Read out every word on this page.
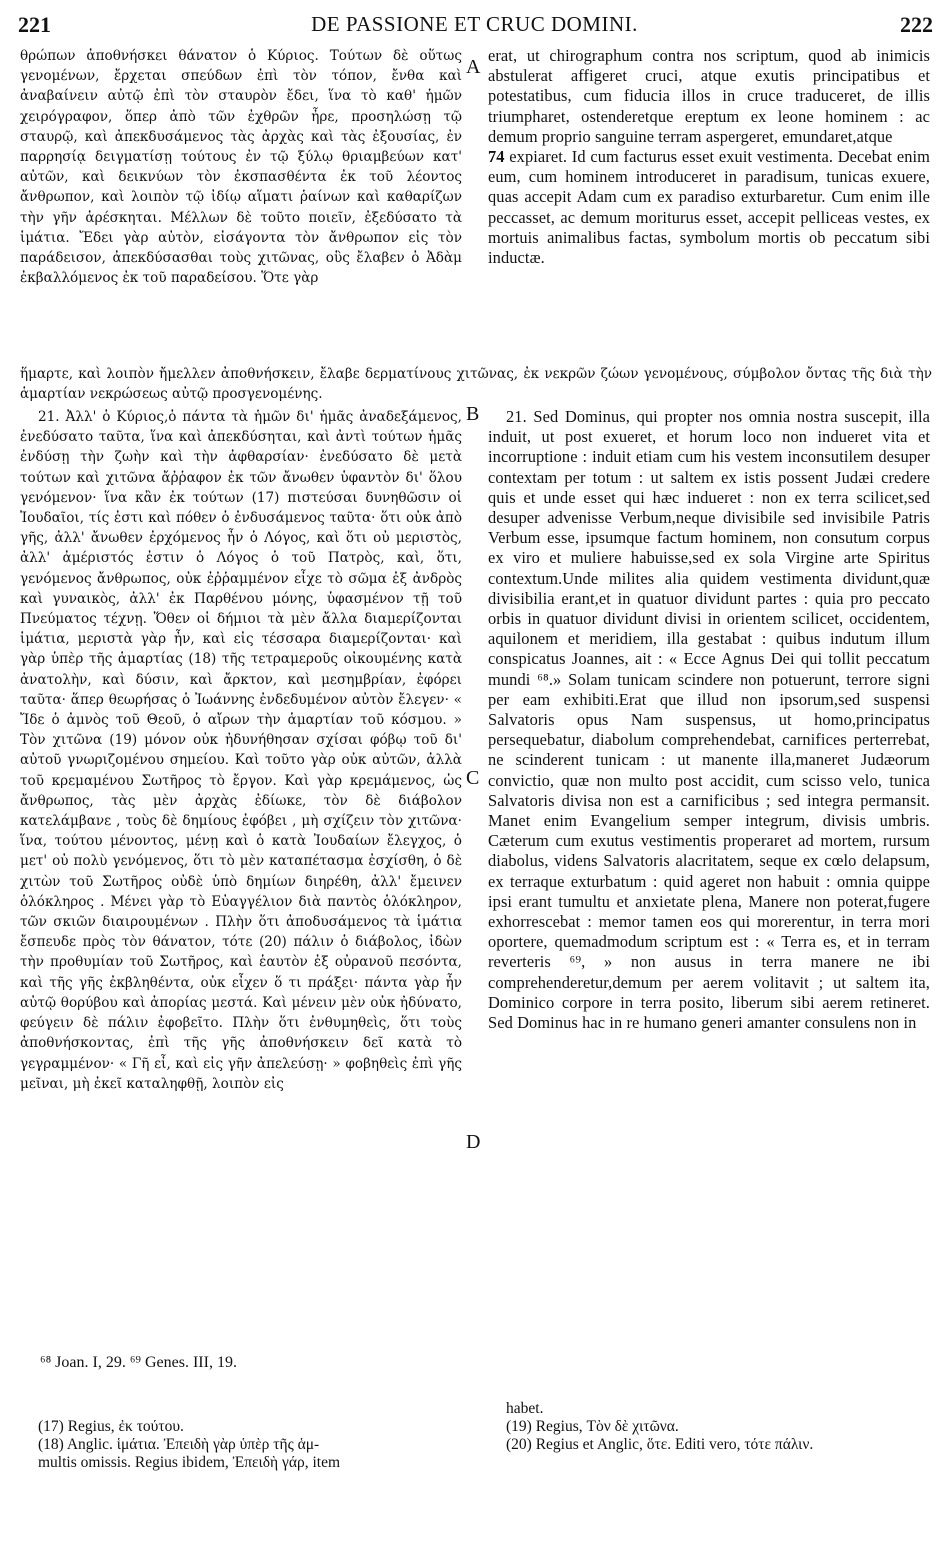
221	DE PASSIONE ET CRUC DOMINI.	222
A
B
C
D

θρώπων ἀποθνήσκει θάνατον ὁ Κύριος. Τούτων δὲ οὕτως γενομένων, ἔρχεται σπεύδων ἐπὶ τὸν τόπον, ἔνθα καὶ ἀναβαίνειν αὐτῷ ἐπὶ τὸν σταυρὸν ἔδει, ἵνα τὸ καθ' ἡμῶν χειρόγραφον, ὅπερ ἀπὸ τῶν ἐχθρῶν ἦρε, προσηλώσῃ τῷ σταυρῷ, καὶ ἀπεκδυσάμενος τὰς ἀρχὰς καὶ τὰς ἐξουσίας, ἐν παρρησίᾳ δειγματίσῃ τούτους ἐν τῷ ξύλῳ θριαμβεύων κατ' αὐτῶν, καὶ δεικνύων τὸν ἐκσπασθέντα ἐκ τοῦ λέοντος ἄνθρωπον, καὶ λοιπὸν τῷ ἰδίῳ αἵματι ῥαίνων καὶ καθαρίζων τὴν γῆν ἀρέσκηται. Μέλλων δὲ τοῦτο ποιεῖν, ἐξεδύσατο τὰ ἱμάτια. Ἔδει γὰρ αὐτὸν, εἰσάγοντα τὸν ἄνθρωπον εἰς τὸν παράδεισον, ἀπεκδύσασθαι τοὺς χιτῶνας, οὓς ἔλαβεν ὁ Ἀδὰμ ἐκβαλλόμενος ἐκ τοῦ παραδείσου. Ὅτε γὰρ

erat, ut chirographum contra nos scriptum, quod ab inimicis abstulerat affigeret cruci, atque exutis principatibus et potestatibus, cum fiducia illos in cruce traduceret, de illis triumpharet, ostenderetque ereptum ex leone hominem : ac demum proprio sanguine terram aspergeret, emundaret,atque
74 expiaret. Id cum facturus esset exuit vestimenta. Decebat enim eum, cum hominem introduceret in paradisum, tunicas exuere, quas accepit Adam cum ex paradiso exturbaretur. Cum enim ille peccasset, ac demum moriturus esset, accepit pelliceas vestes, ex mortuis animalibus factas, symbolum mortis ob peccatum sibi inductæ.

ἥμαρτε, καὶ λοιπὸν ἤμελλεν ἀποθνήσκειν, ἔλαβε δερματίνους χιτῶνας, ἐκ νεκρῶν ζώων γενομένους, σύμβολον ὄντας τῆς διὰ τὴν ἁμαρτίαν νεκρώσεως αὐτῷ προσγενομένης.

21. Ἀλλ' ὁ Κύριος,ὁ πάντα τὰ ἡμῶν δι' ἡμᾶς ἀναδεξάμενος, ἐνεδύσατο ταῦτα, ἵνα καὶ ἀπεκδύσηται, καὶ ἀντὶ τούτων ἡμᾶς ἐνδύσῃ τὴν ζωὴν καὶ τὴν ἀφθαρσίαν· ἐνεδύσατο δὲ μετὰ τούτων καὶ χιτῶνα ἄῤῥαφον ἐκ τῶν ἄνωθεν ὑφαντὸν δι' ὅλου γενόμενον· ἵνα κἂν ἐκ τούτων (17) πιστεύσαι δυνηθῶσιν οἱ Ἰουδαῖοι, τίς ἐστι καὶ πόθεν ὁ ἐνδυσάμενος ταῦτα· ὅτι οὐκ ἀπὸ γῆς, ἀλλ' ἄνωθεν ἐρχόμενος ἦν ὁ Λόγος, καὶ ὅτι οὐ μεριστὸς, ἀλλ' ἀμέριστός ἐστιν ὁ Λόγος ὁ τοῦ Πατρὸς, καὶ, ὅτι, γενόμενος ἄνθρωπος, οὐκ ἐῤῥαμμένον εἶχε τὸ σῶμα ἐξ ἀνδρὸς καὶ γυναικὸς, ἀλλ' ἐκ Παρθένου μόνης, ὑφασμένον τῇ τοῦ Πνεύματος τέχνῃ. Ὅθεν οἱ δήμιοι τὰ μὲν ἄλλα διαμερίζονται ἱμάτια, μεριστὰ γὰρ ἦν, καὶ εἰς τέσσαρα διαμερίζονται· καὶ γὰρ ὑπὲρ τῆς ἁμαρτίας (18) τῆς τετραμεροῦς οἰκουμένης κατὰ ἀνατολὴν, καὶ δύσιν, καὶ ἄρκτον, καὶ μεσημβρίαν, ἐφόρει ταῦτα· ἅπερ θεωρήσας ὁ Ἰωάννης ἐνδεδυμένον αὐτὸν ἔλεγεν· « Ἴδε ὁ ἀμνὸς τοῦ Θεοῦ, ὁ αἴρων τὴν ἁμαρτίαν τοῦ κόσμου. » Τὸν χιτῶνα (19) μόνον οὐκ ἠδυνήθησαν σχίσαι φόβῳ τοῦ δι' αὐτοῦ γνωριζομένου σημείου. Καὶ τοῦτο γὰρ οὐκ αὐτῶν, ἀλλὰ τοῦ κρεμαμένου Σωτῆρος τὸ ἔργον. Καὶ γὰρ κρεμάμενος, ὡς ἄνθρωπος, τὰς μὲν ἀρχὰς ἐδίωκε, τὸν δὲ διάβολον κατελάμβανε , τοὺς δὲ δημίους ἐφόβει , μὴ σχίζειν τὸν χιτῶνα· ἵνα, τούτου μένοντος, μένῃ καὶ ὁ κατὰ Ἰουδαίων ἔλεγχος, ὁ μετ' οὐ πολὺ γενόμενος, ὅτι τὸ μὲν καταπέτασμα ἐσχίσθη, ὁ δὲ χιτὼν τοῦ Σωτῆρος οὐδὲ ὑπὸ δημίων διηρέθη, ἀλλ' ἔμεινεν ὁλόκληρος . Μένει γὰρ τὸ Εὐαγγέλιον διὰ παντὸς ὁλόκληρον, τῶν σκιῶν διαιρουμένων . Πλὴν ὅτι ἀποδυσάμενος τὰ ἱμάτια ἔσπευδε πρὸς τὸν θάνατον, τότε (20) πάλιν ὁ διάβολος, ἰδὼν τὴν προθυμίαν τοῦ Σωτῆρος, καὶ ἑαυτὸν ἐξ οὐρανοῦ πεσόντα, καὶ τῆς γῆς ἐκβληθέντα, οὐκ εἶχεν ὅ τι πράξει· πάντα γὰρ ἦν αὐτῷ θορύβου καὶ ἀπορίας μεστά. Καὶ μένειν μὲν οὐκ ἠδύνατο, φεύγειν δὲ πάλιν ἐφοβεῖτο. Πλὴν ὅτι ἐνθυμηθεὶς, ὅτι τοὺς ἀποθνήσκοντας, ἐπὶ τῆς γῆς ἀποθνήσκειν δεῖ κατὰ τὸ γεγραμμένον· « Γῆ εἶ, καὶ εἰς γῆν ἀπελεύσῃ· » φοβηθεὶς ἐπὶ γῆς μεῖναι, μὴ ἐκεῖ καταληφθῇ, λοιπὸν εἰς

21. Sed Dominus, qui propter nos omnia nostra suscepit, illa induit, ut post exueret, et horum loco non indueret vita et incorruptione : induit etiam cum his vestem inconsutilem desuper contextam per totum : ut saltem ex istis possent Judæi credere quis et unde esset qui hæc indueret : non ex terra scilicet,sed desuper advenisse Verbum,neque divisibile sed invisibile Patris Verbum esse, ipsumque factum hominem, non consutum corpus ex viro et muliere habuisse,sed ex sola Virgine arte Spiritus contextum.Unde milites alia quidem vestimenta dividunt,quæ divisibilia erant,et in quatuor dividunt partes : quia pro peccato orbis in quatuor dividunt divisi in orientem scilicet, occidentem, aquilonem et meridiem, illa gestabat : quibus indutum illum conspicatus Joannes, ait : « Ecce Agnus Dei qui tollit peccatum mundi ⁶⁸.» Solam tunicam scindere non potuerunt, terrore signi per eam exhibiti.Erat que illud non ipsorum,sed suspensi Salvatoris opus Nam suspensus, ut homo,principatus persequebatur, diabolum comprehendebat, carnifices perterrebat, ne scinderent tunicam : ut manente illa,maneret Judæorum convictio, quæ non multo post accidit, cum scisso velo, tunica Salvatoris divisa non est a carnificibus ; sed integra permansit. Manet enim Evangelium semper integrum, divisis umbris. Cæterum cum exutus vestimentis properaret ad mortem, rursum diabolus, videns Salvatoris alacritatem, seque ex cœlo delapsum, ex terraque exturbatum : quid ageret non habuit : omnia quippe ipsi erant tumultu et anxietate plena, Manere non poterat,fugere exhorrescebat : memor tamen eos qui morerentur, in terra mori oportere, quemadmodum scriptum est : « Terra es, et in terram reverteris ⁶⁹, » non ausus in terra manere ne ibi comprehenderetur,demum per aerem volitavit ; ut saltem ita, Dominico corpore in terra posito, liberum sibi aerem retineret. Sed Dominus hac in re humano generi amanter consulens non in

⁶⁸ Joan. I, 29. ⁶⁹ Genes. III, 19.
(17) Regius, ἐκ τούτου.
(18) Anglic. ἱμάτια. Ἐπειδὴ γὰρ ὑπὲρ τῆς ἁμ-
multis omissis. Regius ibidem, Ἐπειδὴ γάρ, item
habet.
(19) Regius, Τὸν δὲ χιτῶνα.
(20) Regius et Anglic, ὅτε. Editi vero, τότε πάλιν.
